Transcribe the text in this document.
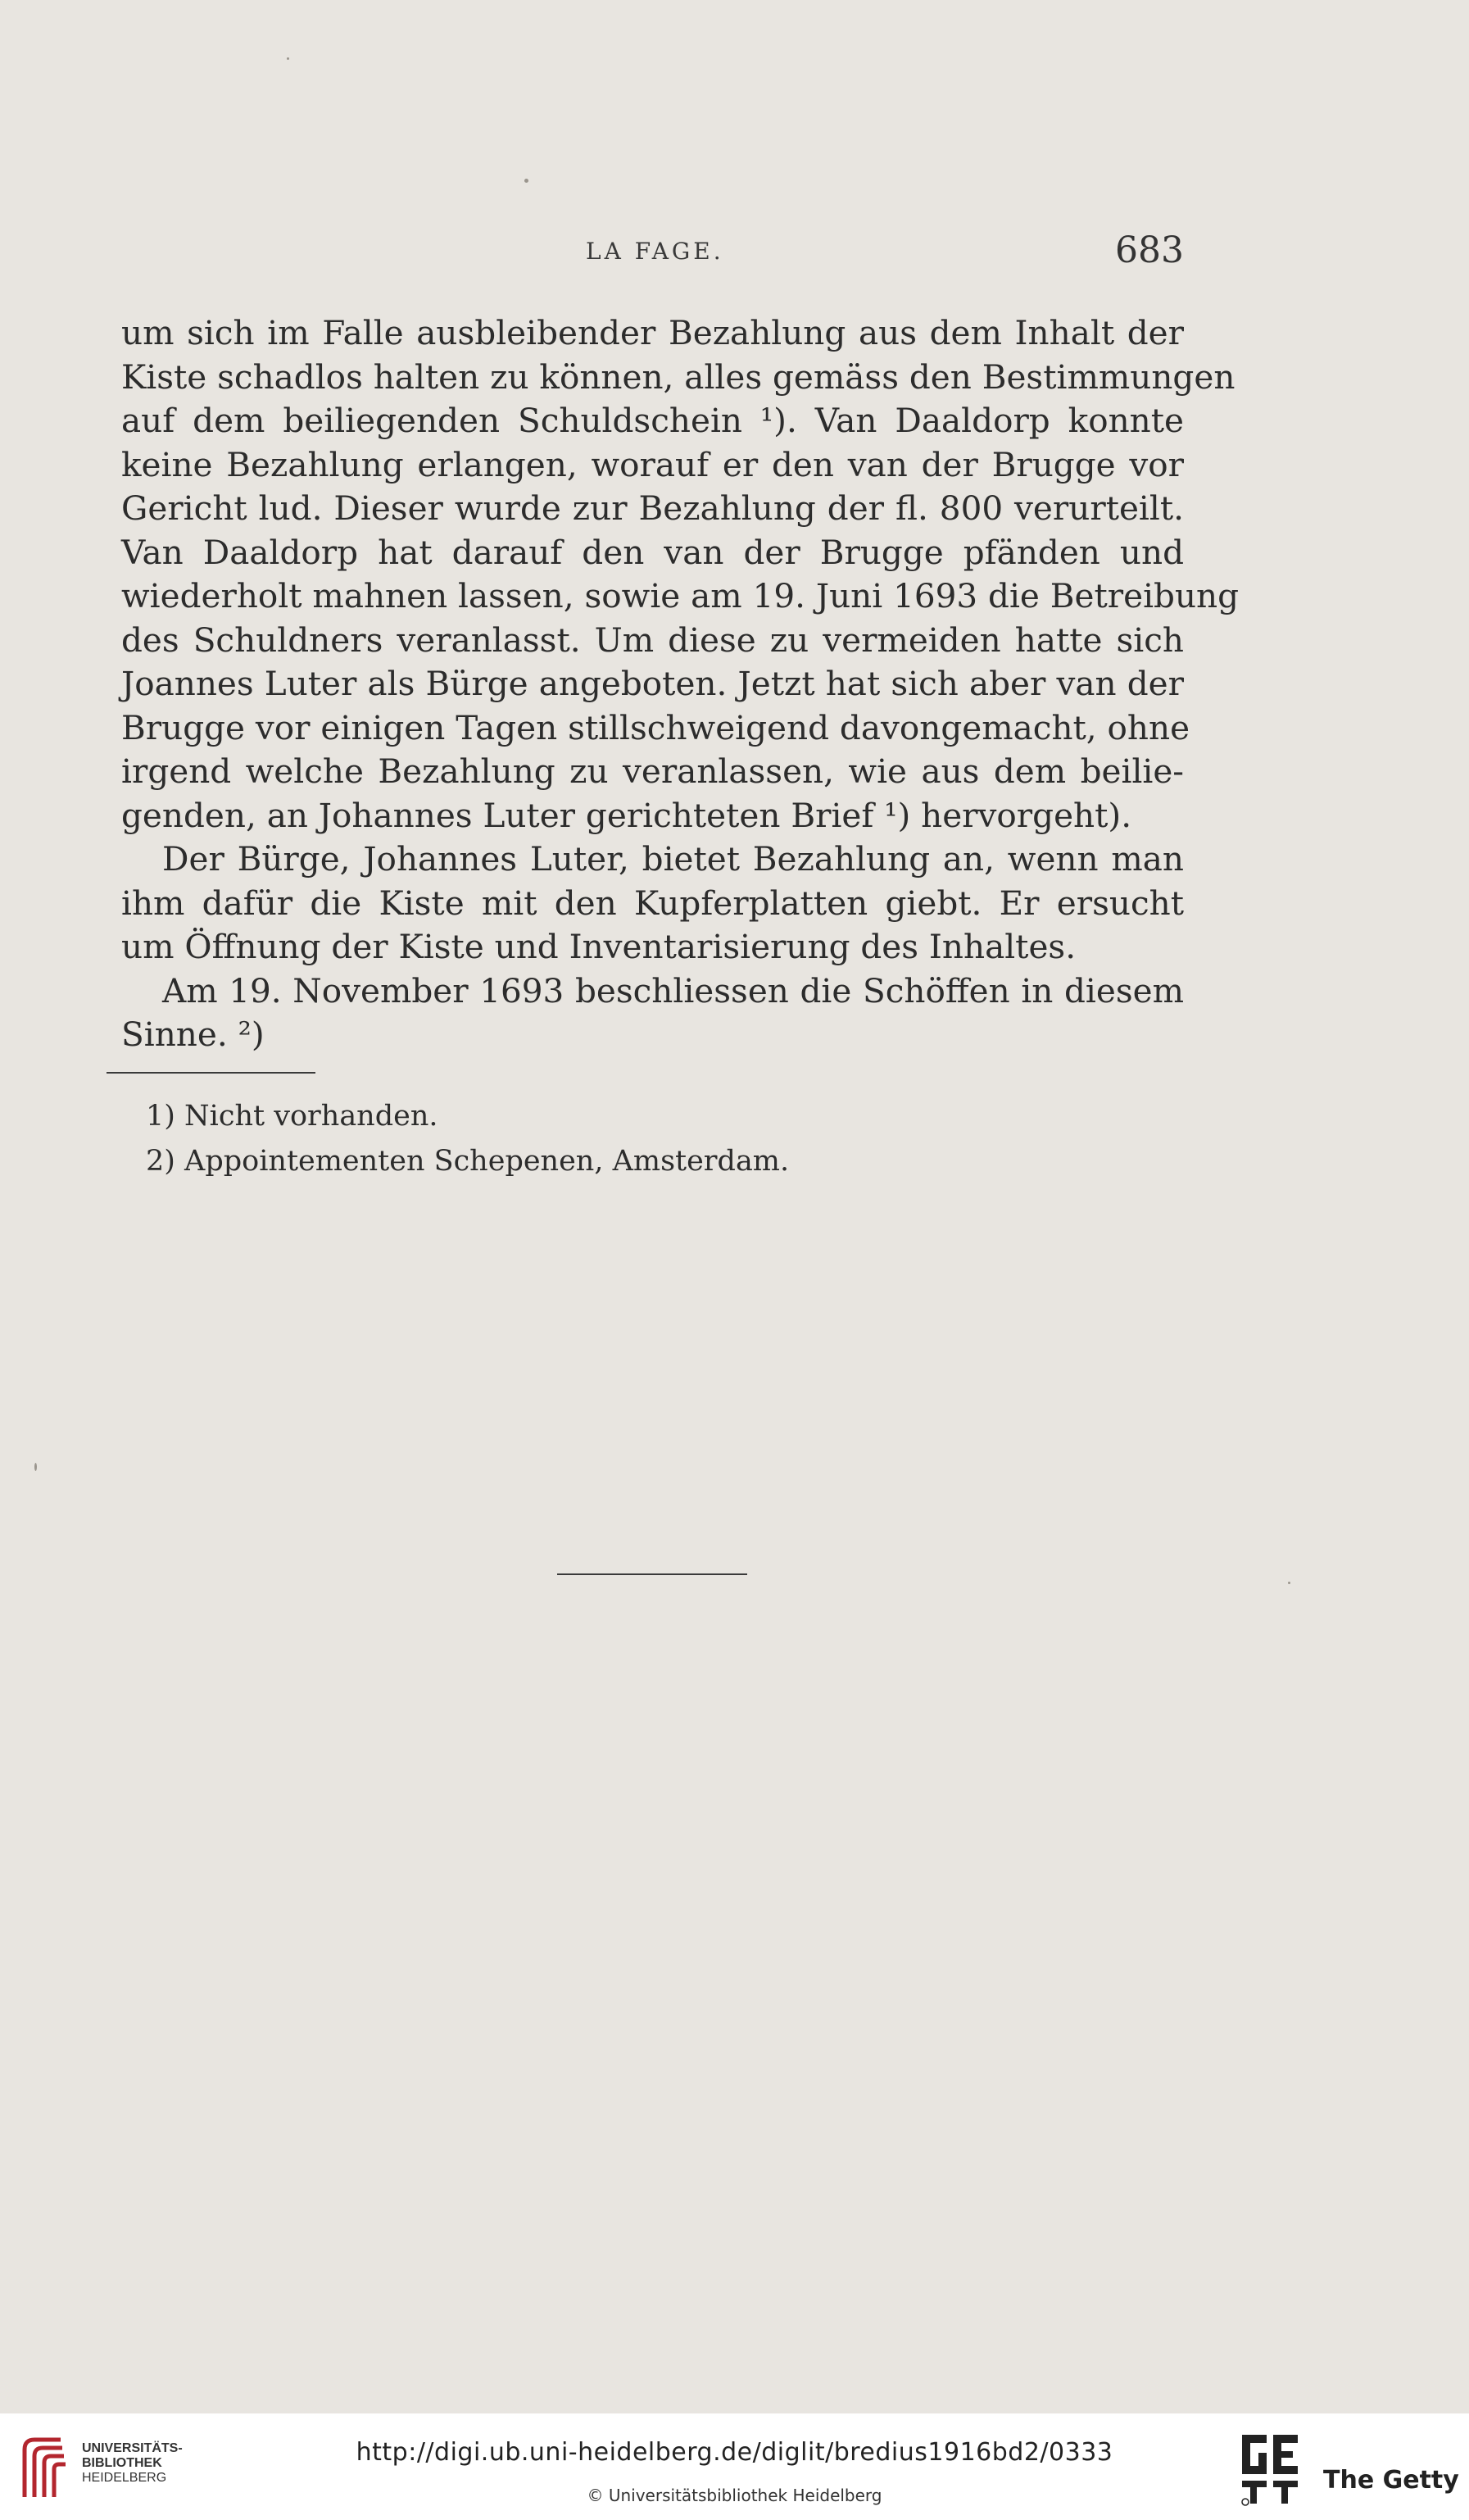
LA FAGE.	683
um sich im Falle ausbleibender Bezahlung aus dem Inhalt der
Kiste schadlos halten zu können, alles gemäss den Bestimmungen
auf dem beiliegenden Schuldschein ¹). Van Daaldorp konnte
keine Bezahlung erlangen, worauf er den van der Brugge vor
Gericht lud. Dieser wurde zur Bezahlung der fl. 800 verurteilt.
Van Daaldorp hat darauf den van der Brugge pfänden und
wiederholt mahnen lassen, sowie am 19. Juni 1693 die Betreibung
des Schuldners veranlasst. Um diese zu vermeiden hatte sich
Joannes Luter als Bürge angeboten. Jetzt hat sich aber van der
Brugge vor einigen Tagen stillschweigend davongemacht, ohne
irgend welche Bezahlung zu veranlassen, wie aus dem beilie-
genden, an Johannes Luter gerichteten Brief ¹) hervorgeht).
Der Bürge, Johannes Luter, bietet Bezahlung an, wenn man
ihm dafür die Kiste mit den Kupferplatten giebt. Er ersucht
um Öffnung der Kiste und Inventarisierung des Inhaltes.
Am 19. November 1693 beschliessen die Schöffen in diesem
Sinne. ²)
1) Nicht vorhanden.
2) Appointementen Schepenen, Amsterdam.
UNIVERSITÄTS-
BIBLIOTHEK
HEIDELBERG
http://digi.ub.uni-heidelberg.de/diglit/bredius1916bd2/0333
© Universitätsbibliothek Heidelberg
The Getty
